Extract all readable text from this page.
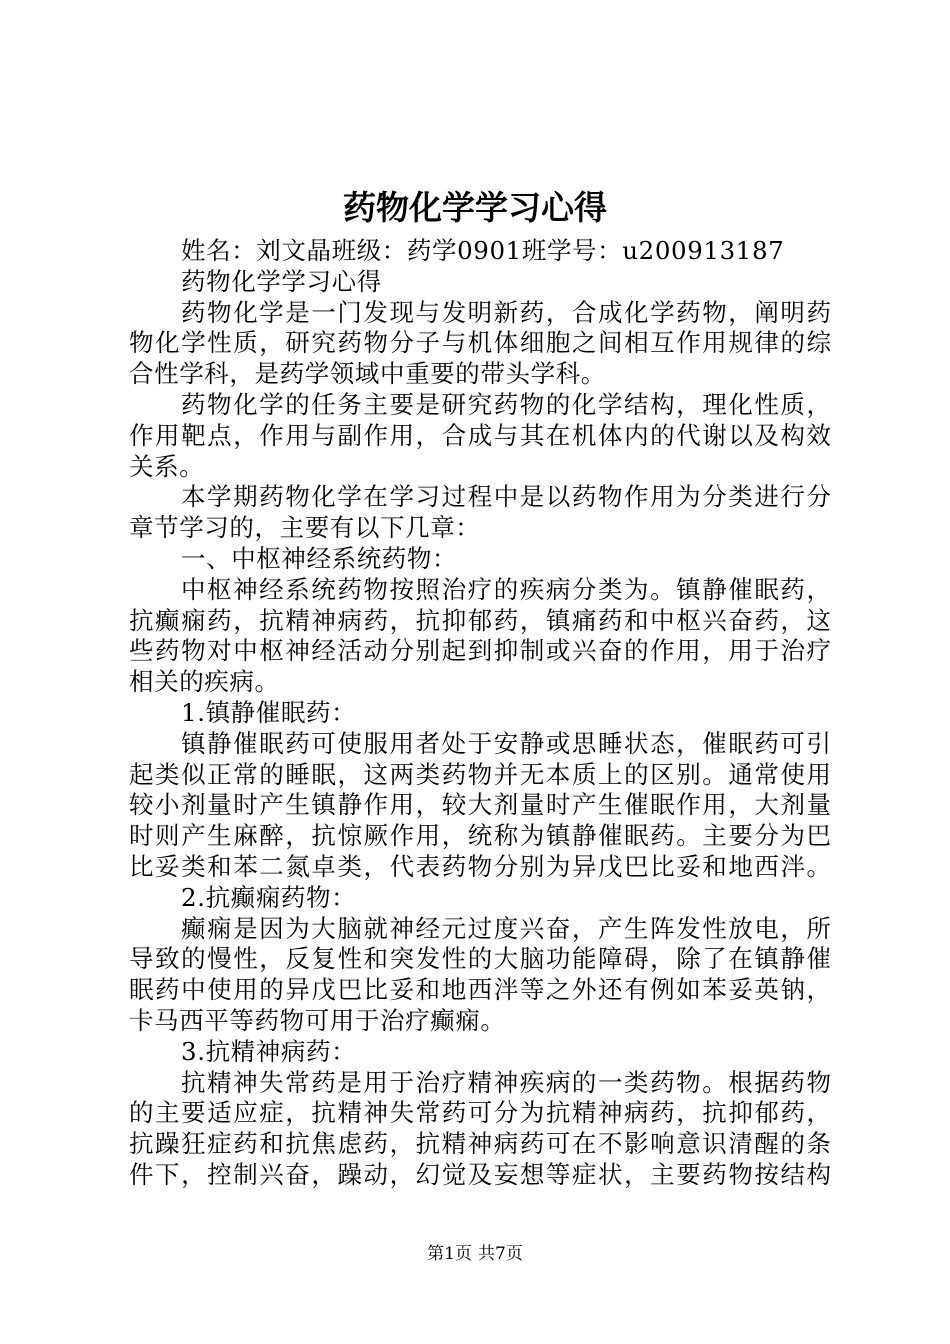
药物化学学习心得
姓名：刘文晶班级：药学0901班学号：u200913187
药物化学学习心得
药物化学是一门发现与发明新药，合成化学药物，阐明药
物化学性质，研究药物分子与机体细胞之间相互作用规律的综
合性学科，是药学领域中重要的带头学科。
药物化学的任务主要是研究药物的化学结构，理化性质，
作用靶点，作用与副作用，合成与其在机体内的代谢以及构效
关系。
本学期药物化学在学习过程中是以药物作用为分类进行分
章节学习的，主要有以下几章：
一、中枢神经系统药物：
中枢神经系统药物按照治疗的疾病分类为。镇静催眠药，
抗癫痫药，抗精神病药，抗抑郁药，镇痛药和中枢兴奋药，这
些药物对中枢神经活动分别起到抑制或兴奋的作用，用于治疗
相关的疾病。
1.镇静催眠药：
镇静催眠药可使服用者处于安静或思睡状态，催眠药可引
起类似正常的睡眠，这两类药物并无本质上的区别。通常使用
较小剂量时产生镇静作用，较大剂量时产生催眠作用，大剂量
时则产生麻醉，抗惊厥作用，统称为镇静催眠药。主要分为巴
比妥类和苯二氮卓类，代表药物分别为异戊巴比妥和地西泮。
2.抗癫痫药物：
癫痫是因为大脑就神经元过度兴奋，产生阵发性放电，所
导致的慢性，反复性和突发性的大脑功能障碍，除了在镇静催
眠药中使用的异戊巴比妥和地西泮等之外还有例如苯妥英钠，
卡马西平等药物可用于治疗癫痫。
3.抗精神病药：
抗精神失常药是用于治疗精神疾病的一类药物。根据药物
的主要适应症，抗精神失常药可分为抗精神病药，抗抑郁药，
抗躁狂症药和抗焦虑药，抗精神病药可在不影响意识清醒的条
件下，控制兴奋，躁动，幻觉及妄想等症状，主要药物按结构
第1页 共7页
